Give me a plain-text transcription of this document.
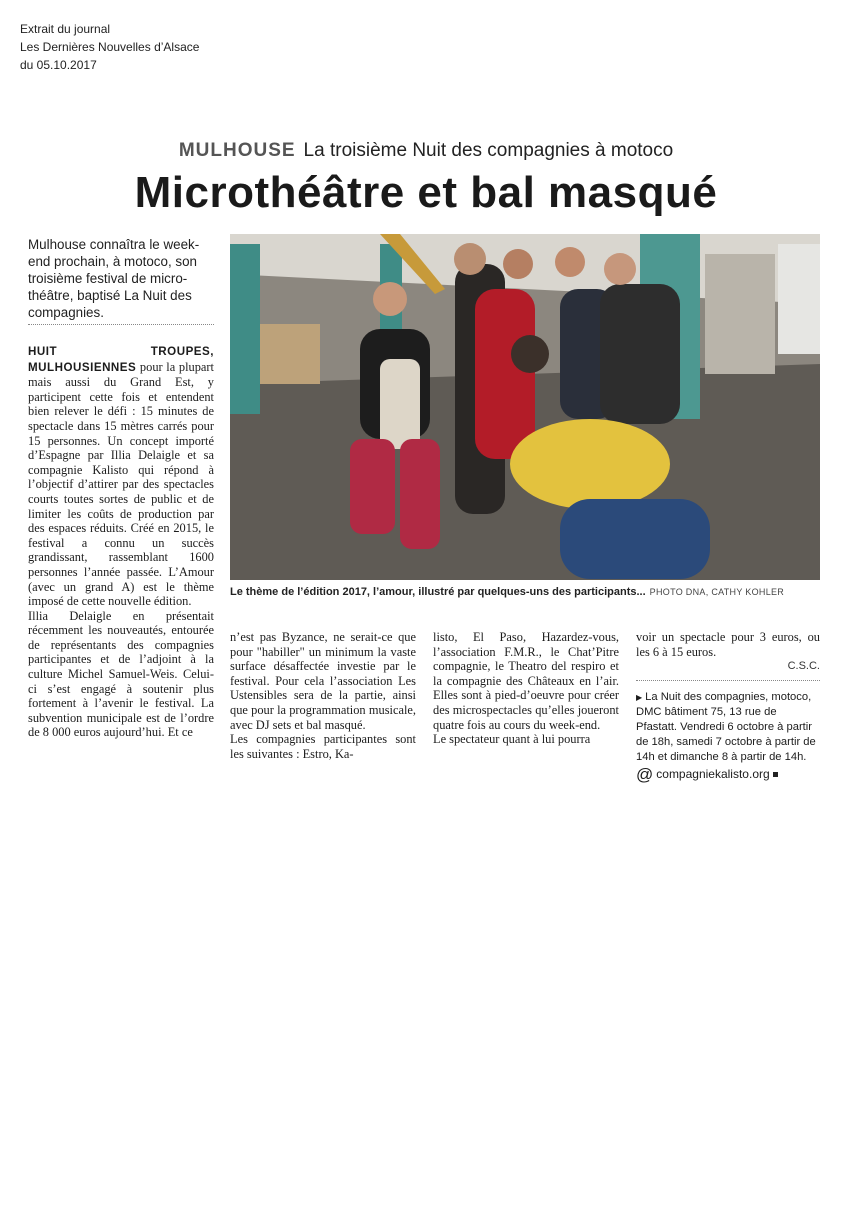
Extrait du journal
Les Dernières Nouvelles d’Alsace
du 05.10.2017
MULHOUSE La troisième Nuit des compagnies à motoco
Microthéâtre et bal masqué
Mulhouse connaîtra le week-end prochain, à motoco, son troisième festival de micro-théâtre, baptisé La Nuit des compagnies.

HUIT TROUPES, MULHOUSIENNES pour la plupart mais aussi du Grand Est, y participent cette fois et entendent bien relever le défi : 15 minutes de spectacle dans 15 mètres carrés pour 15 personnes. Un concept importé d’Espagne par Illia Delaigle et sa compagnie Kalisto qui répond à l’objectif d’attirer par des spectacles courts toutes sortes de public et de limiter les coûts de production par des espaces réduits. Créé en 2015, le festival a connu un succès grandissant, rassemblant 1600 personnes l’année passée. L’Amour (avec un grand A) est le thème imposé de cette nouvelle édition.

Illia Delaigle en présentait récemment les nouveautés, entourée de représentants des compagnies participantes et de l’adjoint à la culture Michel Samuel-Weis. Celui-ci s’est engagé à soutenir plus fortement à l’avenir le festival. La subvention municipale est de l’ordre de 8 000 euros aujourd’hui. Et ce

Le thème de l’édition 2017, l’amour, illustré par quelques-uns des participants... PHOTO DNA, CATHY KOHLER

n’est pas Byzance, ne serait-ce que pour "habiller" un minimum la vaste surface désaffectée investie par le festival. Pour cela l’association Les Ustensibles sera de la partie, ainsi que pour la programmation musicale, avec DJ sets et bal masqué.

Les compagnies participantes sont les suivantes : Estro, Ka-

listo, El Paso, Hazardez-vous, l’association F.M.R., le Chat’Pitre compagnie, le Theatro del respiro et la compagnie des Châteaux en l’air. Elles sont à pied-d’oeuvre pour créer des microspectacles qu’elles joueront quatre fois au cours du week-end.

Le spectateur quant à lui pourra

voir un spectacle pour 3 euros, ou les 6 à 15 euros.

C.S.C.
▶ La Nuit des compagnies, motoco, DMC bâtiment 75, 13 rue de Pfastatt. Vendredi 6 octobre à partir de 18h, samedi 7 octobre à partir de 14h et dimanche 8 à partir de 14h.
@ compagniekalisto.org
